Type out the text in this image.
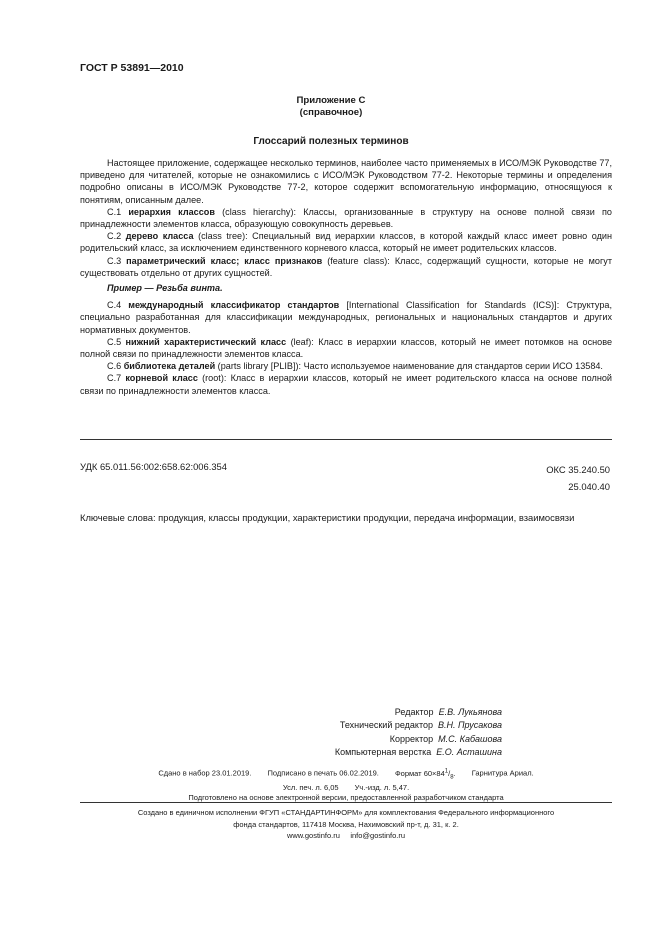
ГОСТ Р 53891—2010
Приложение С
(справочное)
Глоссарий полезных терминов

Настоящее приложение, содержащее несколько терминов, наиболее часто применяемых в ИСО/МЭК Руководстве 77, приведено для читателей, которые не ознакомились с ИСО/МЭК Руководством 77-2. Некоторые термины и определения подробно описаны в ИСО/МЭК Руководстве 77-2, которое содержит вспомогательную информацию, относящуюся к понятиям, описанным далее.

С.1 иерархия классов (class hierarchy): Классы, организованные в структуру на основе полной связи по принадлежности элементов класса, образующую совокупность деревьев.

С.2 дерево класса (class tree): Специальный вид иерархии классов, в которой каждый класс имеет ровно один родительский класс, за исключением единственного корневого класса, который не имеет родительских классов.

С.3 параметрический класс; класс признаков (feature class): Класс, содержащий сущности, которые не могут существовать отдельно от других сущностей.

Пример — Резьба винта.

С.4 международный классификатор стандартов [International Classification for Standards (ICS)]: Структура, специально разработанная для классификации международных, региональных и национальных стандартов и других нормативных документов.

С.5 нижний характеристический класс (leaf): Класс в иерархии классов, который не имеет потомков на основе полной связи по принадлежности элементов класса.

С.6 библиотека деталей (parts library [PLIB]): Часто используемое наименование для стандартов серии ИСО 13584.

С.7 корневой класс (root): Класс в иерархии классов, который не имеет родительского класса на основе полной связи по принадлежности элементов класса.

УДК 65.011.56:002:658.62:006.354	ОКС 35.240.50
25.040.40
Ключевые слова: продукция, классы продукции, характеристики продукции, передача информации, взаимосвязи
Редактор Е.В. Лукьянова
Технический редактор В.Н. Прусакова
Корректор М.С. Кабашова
Компьютерная верстка Е.О. Асташина
Сдано в набор 23.01.2019. Подписано в печать 06.02.2019. Формат $60\times 84^1/_8$. Гарнитура Ариал.
Усл. печ. л. 6,05 Уч.-изд. л. 5,47.
Подготовлено на основе электронной версии, предоставленной разработчиком стандарта
Создано в единичном исполнении ФГУП «СТАНДАРТИНФОРМ» для комплектования Федерального информационного
фонда стандартов, 117418 Москва, Нахимовский пр-т, д. 31, к. 2.
www.gostinfo.ru info@gostinfo.ru
